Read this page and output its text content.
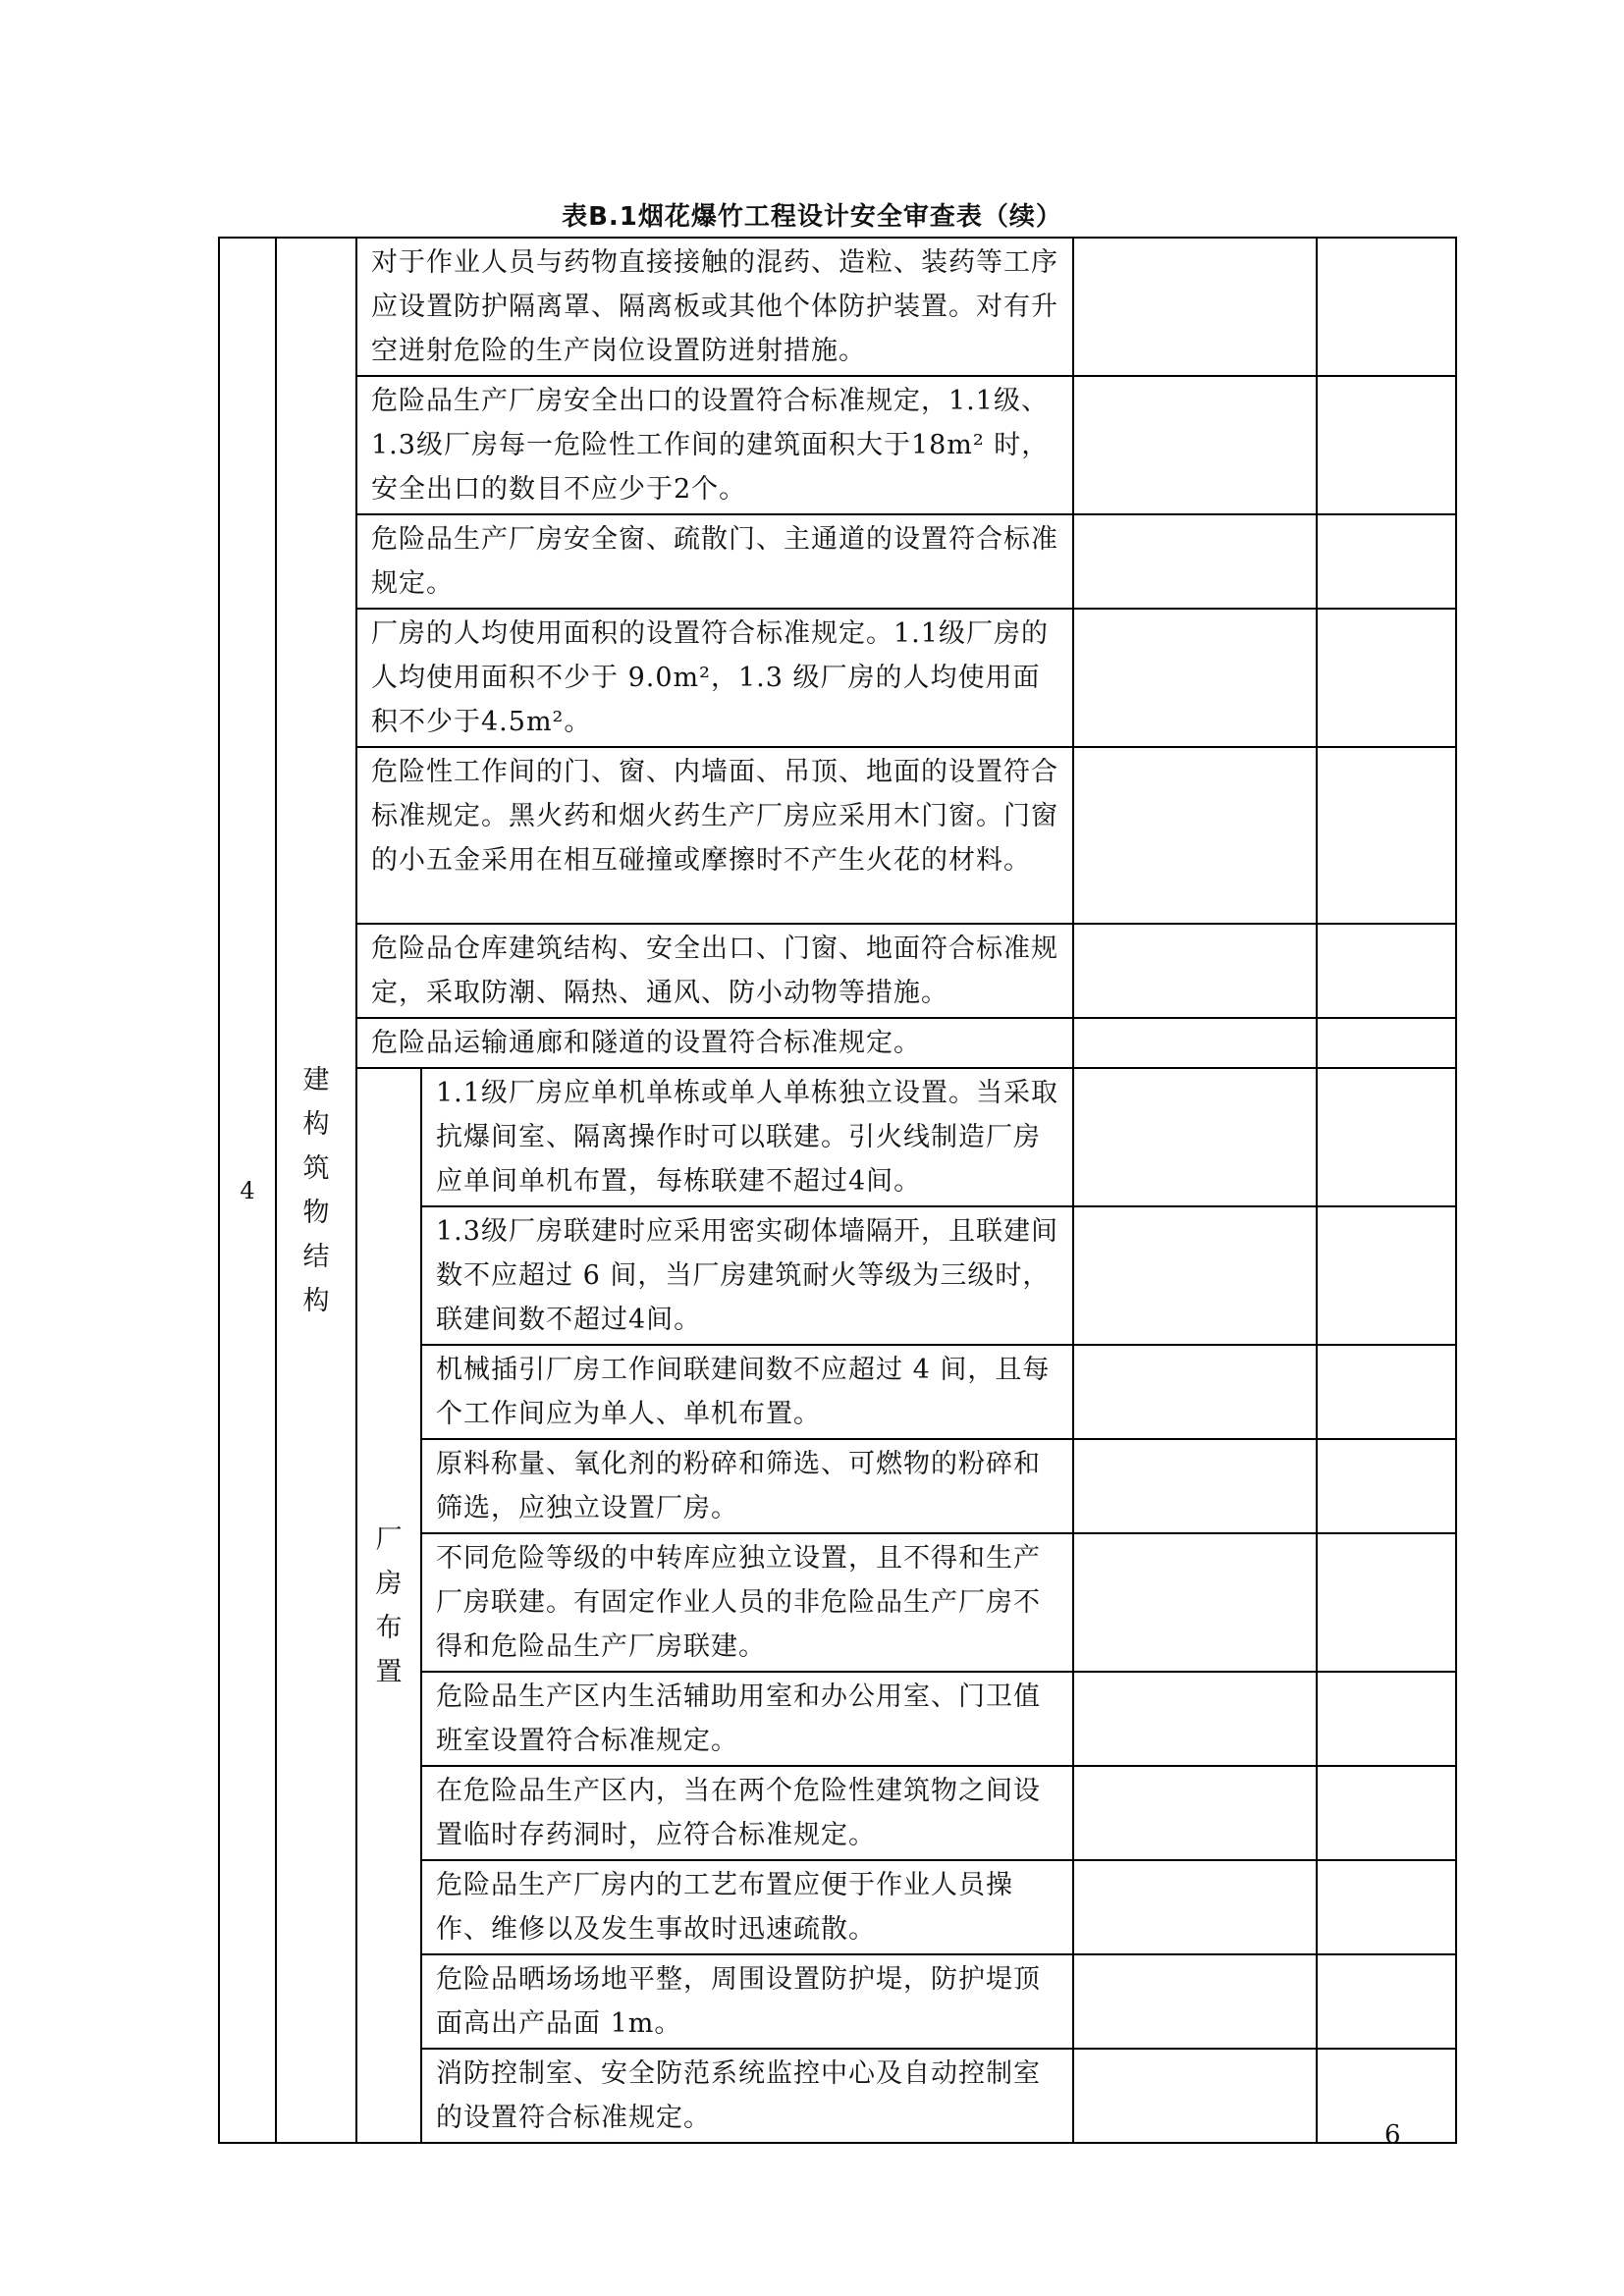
表B.1烟花爆竹工程设计安全审查表（续）
4	建构筑物结构	对于作业人员与药物直接接触的混药、造粒、装药等工序应设置防护隔离罩、隔离板或其他个体防护装置。对有升空迸射危险的生产岗位设置防迸射措施。			
		危险品生产厂房安全出口的设置符合标准规定，1.1级、1.3级厂房每一危险性工作间的建筑面积大于18m² 时，安全出口的数目不应少于2个。			
		危险品生产厂房安全窗、疏散门、主通道的设置符合标准规定。			
		厂房的人均使用面积的设置符合标准规定。1.1级厂房的人均使用面积不少于 9.0m²，1.3 级厂房的人均使用面积不少于4.5m²。			
		危险性工作间的门、窗、内墙面、吊顶、地面的设置符合标准规定。黑火药和烟火药生产厂房应采用木门窗。门窗的小五金采用在相互碰撞或摩擦时不产生火花的材料。			
		危险品仓库建筑结构、安全出口、门窗、地面符合标准规定，采取防潮、隔热、通风、防小动物等措施。			
		危险品运输通廊和隧道的设置符合标准规定。			
		厂房布置	1.1级厂房应单机单栋或单人单栋独立设置。当采取抗爆间室、隔离操作时可以联建。引火线制造厂房应单间单机布置，每栋联建不超过4间。		
			1.3级厂房联建时应采用密实砌体墙隔开，且联建间数不应超过 6 间，当厂房建筑耐火等级为三级时，联建间数不超过4间。		
			机械插引厂房工作间联建间数不应超过 4 间，且每个工作间应为单人、单机布置。		
			原料称量、氧化剂的粉碎和筛选、可燃物的粉碎和筛选，应独立设置厂房。		
			不同危险等级的中转库应独立设置，且不得和生产厂房联建。有固定作业人员的非危险品生产厂房不得和危险品生产厂房联建。		
			危险品生产区内生活辅助用室和办公用室、门卫值班室设置符合标准规定。		
			在危险品生产区内，当在两个危险性建筑物之间设置临时存药洞时，应符合标准规定。		
			危险品生产厂房内的工艺布置应便于作业人员操作、维修以及发生事故时迅速疏散。		
			危险品晒场场地平整，周围设置防护堤，防护堤顶面高出产品面 1m。		
			消防控制室、安全防范系统监控中心及自动控制室的设置符合标准规定。		
6
